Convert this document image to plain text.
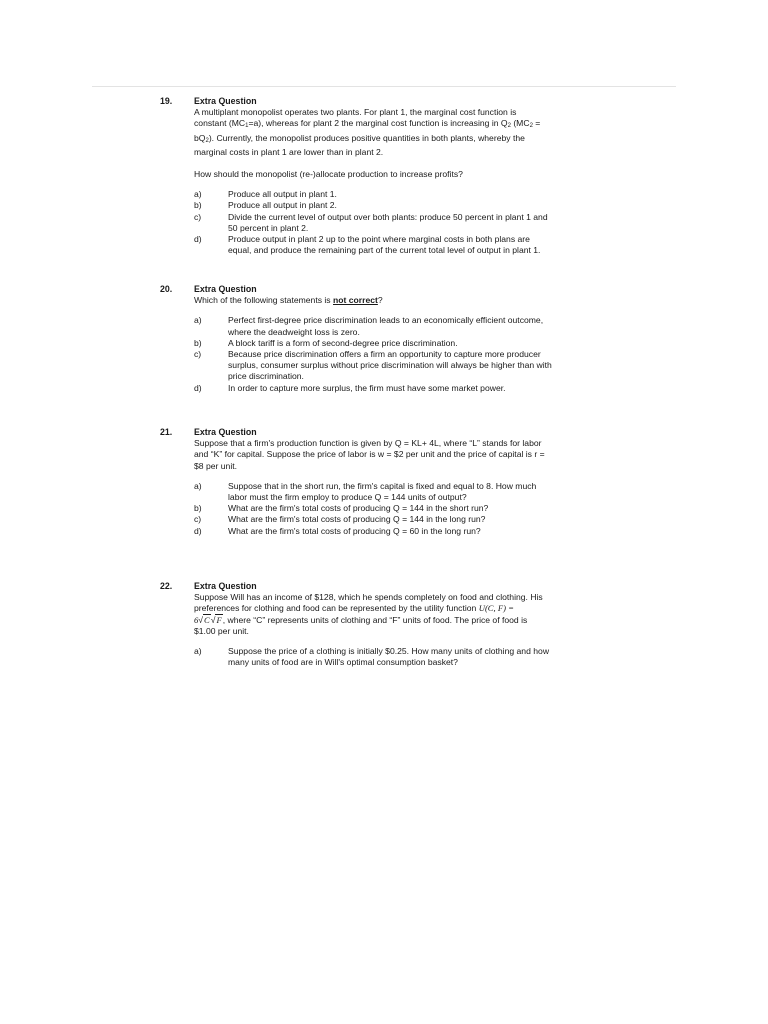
19. Extra Question

A multiplant monopolist operates two plants. For plant 1, the marginal cost function is

constant $(MC_1=a)$, whereas for plant 2 the marginal cost function is increasing in $Q_2$ ($MC_2$ =

$bQ_2$). Currently, the monopolist produces positive quantities in both plants, whereby the

marginal costs in plant 1 are lower than in plant 2.

How should the monopolist (re-)allocate production to increase profits?

a)	Produce all output in plant 1.
b)	Produce all output in plant 2.
c)	Divide the current level of output over both plants: produce 50 percent in plant 1 and
50 percent in plant 2.
d)	Produce output in plant 2 up to the point where marginal costs in both plans are
equal, and produce the remaining part of the current total level of output in plant 1.
20. Extra Question

Which of the following statements is not correct?

a)	Perfect first-degree price discrimination leads to an economically efficient outcome,
where the deadweight loss is zero.
b)	A block tariff is a form of second-degree price discrimination.
c)	Because price discrimination offers a firm an opportunity to capture more producer
surplus, consumer surplus without price discrimination will always be higher than with
price discrimination.
d)	In order to capture more surplus, the firm must have some market power.
21. Extra Question

Suppose that a firm's production function is given by Q = KL+ 4L, where “L” stands for labor

and “K” for capital. Suppose the price of labor is w = $2 per unit and the price of capital is r =

$8 per unit.

a)	Suppose that in the short run, the firm's capital is fixed and equal to 8. How much
labor must the firm employ to produce Q = 144 units of output?
b)	What are the firm's total costs of producing Q = 144 in the short run?
c)	What are the firm's total costs of producing Q = 144 in the long run?
d)	What are the firm's total costs of producing Q = 60 in the long run?
22. Extra Question

Suppose Will has an income of $128, which he spends completely on food and clothing. His

preferences for clothing and food can be represented by the utility function U(C, F) =

6√C√F, where “C” represents units of clothing and “F” units of food. The price of food is

$1.00 per unit.

a)	Suppose the price of a clothing is initially $0.25. How many units of clothing and how
many units of food are in Will's optimal consumption basket?
